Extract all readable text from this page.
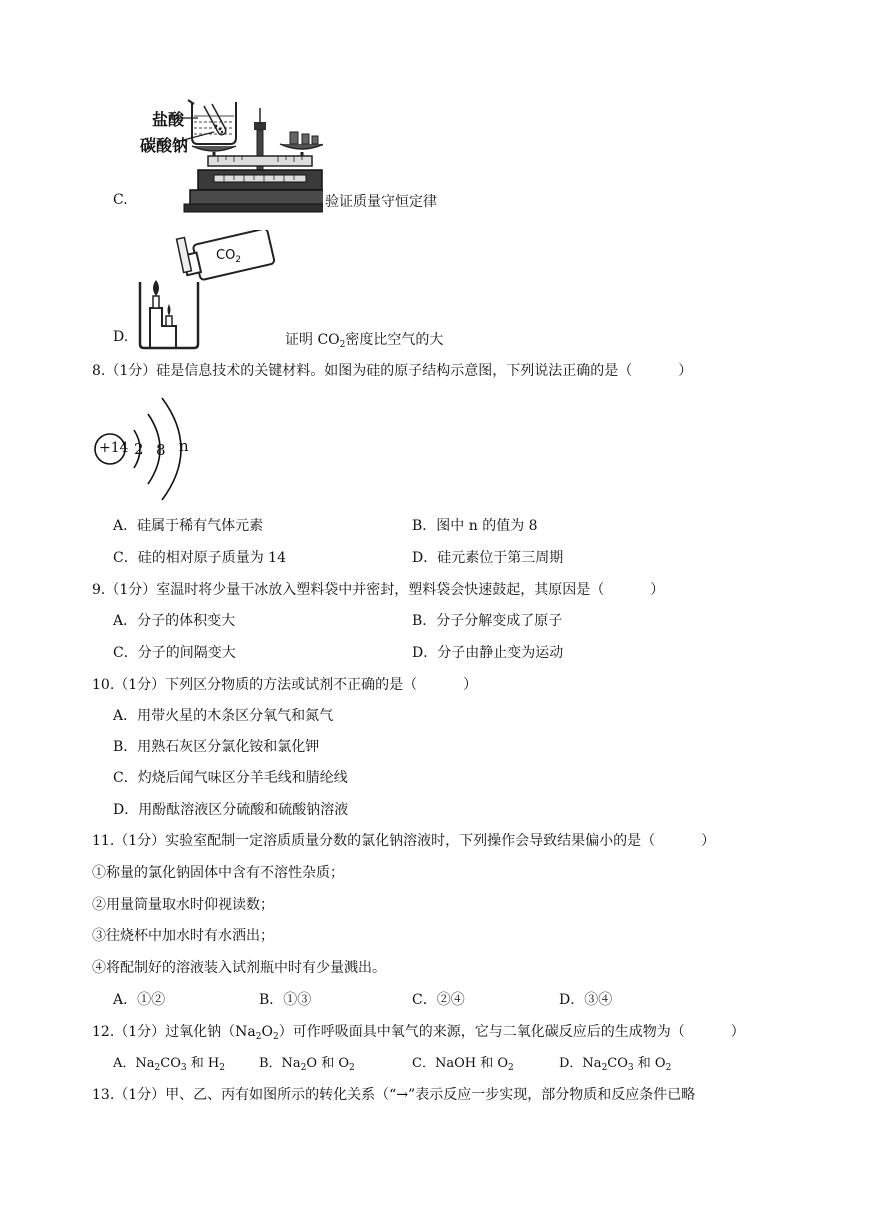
C.
盐酸
碳酸钠
验证质量守恒定律
D.
$CO_2$
证明 $CO_2$密度比空气的大
8.（1分）硅是信息技术的关键材料。如图为硅的原子结构示意图，下列说法正确的是（	）
+14 2 8 n
A．硅属于稀有气体元素	B．图中 n 的值为 8
C．硅的相对原子质量为 14	D．硅元素位于第三周期
9.（1分）室温时将少量干冰放入塑料袋中并密封，塑料袋会快速鼓起，其原因是（	）
A．分子的体积变大	B．分子分解变成了原子
C．分子的间隔变大	D．分子由静止变为运动
10.（1分）下列区分物质的方法或试剂不正确的是（	）
A．用带火星的木条区分氧气和氮气
B．用熟石灰区分氯化铵和氯化钾
C．灼烧后闻气味区分羊毛线和腈纶线
D．用酚酞溶液区分硫酸和硫酸钠溶液
11.（1分）实验室配制一定溶质质量分数的氯化钠溶液时，下列操作会导致结果偏小的是（	）
①称量的氯化钠固体中含有不溶性杂质；
②用量筒量取水时仰视读数；
③往烧杯中加水时有水洒出；
④将配制好的溶液装入试剂瓶中时有少量溅出。
A．①②	B．①③	C．②④	D．③④
12.（1分）过氧化钠$(Na_2O_2)$可作呼吸面具中氧气的来源，它与二氧化碳反应后的生成物为（	）
A．$Na_2CO_3$ 和 $H_2$	B．$Na_2O$ 和 $O_2$	C．NaOH 和 $O_2$	D．$Na_2CO_3$ 和 $O_2$
13.（1分）甲、乙、丙有如图所示的转化关系（“→”表示反应一步实现，部分物质和反应条件已略
